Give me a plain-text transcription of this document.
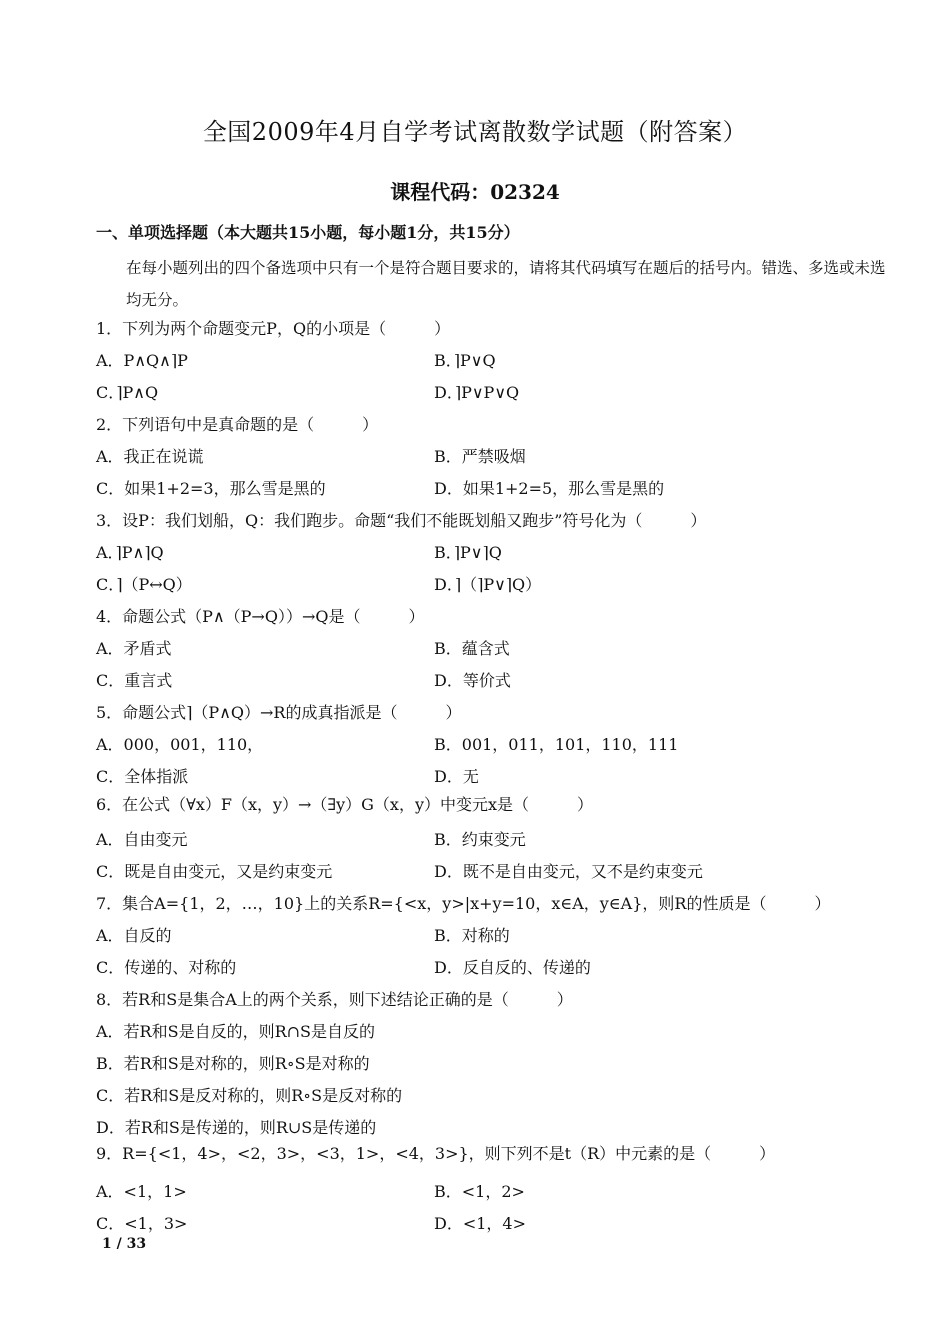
全国2009年4月自学考试离散数学试题（附答案）
课程代码：02324
一、单项选择题（本大题共15小题，每小题1分，共15分）
在每小题列出的四个备选项中只有一个是符合题目要求的，请将其代码填写在题后的括号内。错选、多选或未选均无分。
1．下列为两个命题变元P，Q的小项是（　　　）
A．P∧Q∧⌉P	B．⌉P∨Q
C．⌉P∧Q	D．⌉P∨P∨Q
2．下列语句中是真命题的是（　　　）
A．我正在说谎	B．严禁吸烟
C．如果1+2=3，那么雪是黑的	D．如果1+2=5，那么雪是黑的
3．设P：我们划船，Q：我们跑步。命题“我们不能既划船又跑步”符号化为（　　　）
A．⌉P∧⌉Q	B．⌉P∨⌉Q
C．⌉（P↔Q）	D．⌉（⌉P∨⌉Q）
4．命题公式（P∧（P→Q））→Q是（　　　）
A．矛盾式	B．蕴含式
C．重言式	D．等价式
5．命题公式⌉（P∧Q）→R的成真指派是（　　　）
A．000，001，110，	B．001，011，101，110，111
C．全体指派	D．无
6．在公式（∀x）F（x，y）→（∃y）G（x，y）中变元x是（　　　）
A．自由变元	B．约束变元
C．既是自由变元，又是约束变元	D．既不是自由变元，又不是约束变元
7．集合A={1，2，…，10}上的关系R={<x，y>|x+y=10，x∈A，y∈A}，则R的性质是（　　　）
A．自反的	B．对称的
C．传递的、对称的	D．反自反的、传递的
8．若R和S是集合A上的两个关系，则下述结论正确的是（　　　）
A．若R和S是自反的，则R∩S是自反的
B．若R和S是对称的，则R∘S是对称的
C．若R和S是反对称的，则R∘S是反对称的
D．若R和S是传递的，则R∪S是传递的
9．R={<1，4>，<2，3>，<3，1>，<4，3>}，则下列不是t（R）中元素的是（　　　）
A．<1，1>	B．<1，2>
C．<1，3>	D．<1，4>
1 / 33
